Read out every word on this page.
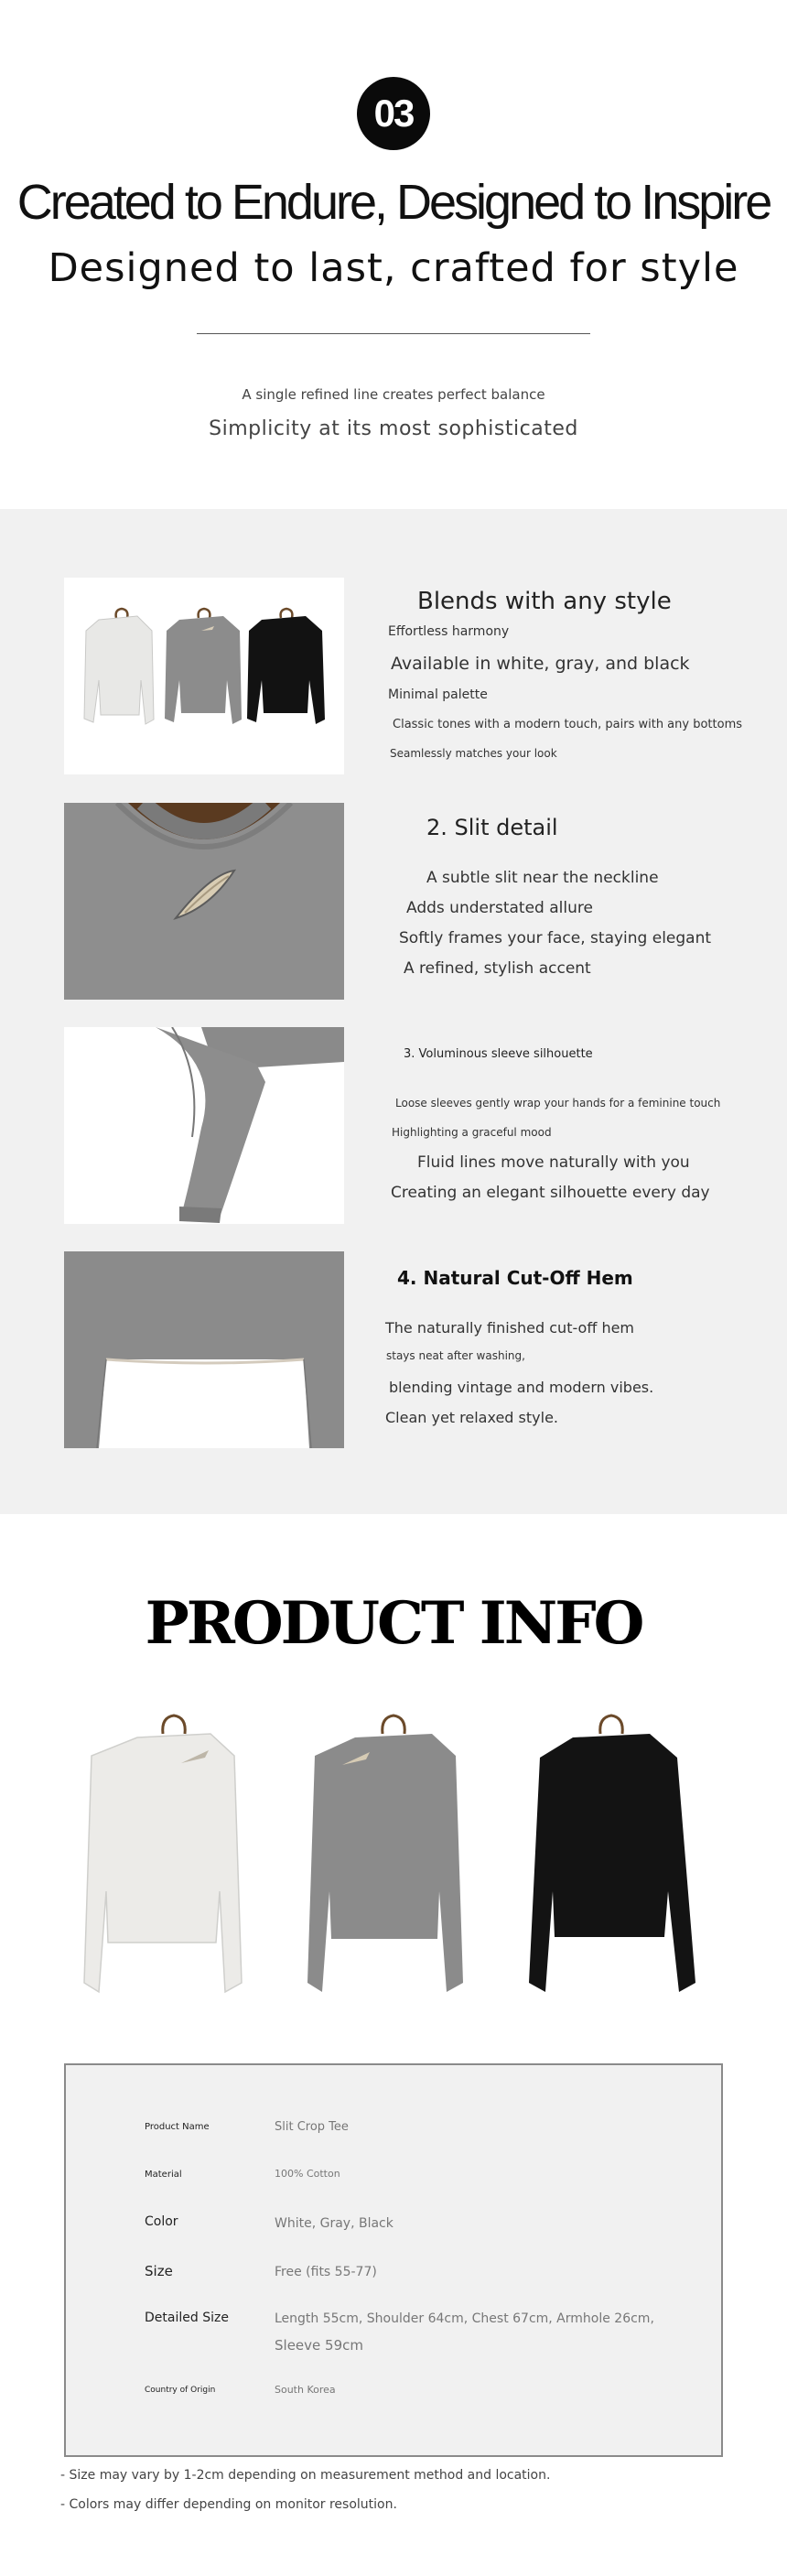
03
Created to Endure, Designed to Inspire
Designed to last, crafted for style
A single refined line creates perfect balance
Simplicity at its most sophisticated
Blends with any style
Effortless harmony
Available in white, gray, and black
Minimal palette
Classic tones with a modern touch, pairs with any bottoms
Seamlessly matches your look
2. Slit detail
A subtle slit near the neckline
Adds understated allure
Softly frames your face, staying elegant
A refined, stylish accent
3. Voluminous sleeve silhouette
Loose sleeves gently wrap your hands for a feminine touch
Highlighting a graceful mood
Fluid lines move naturally with you
Creating an elegant silhouette every day
4. Natural Cut-Off Hem
The naturally finished cut-off hem
stays neat after washing,
blending vintage and modern vibes.
Clean yet relaxed style.
PRODUCT INFO
Product Name	Slit Crop Tee
Material	100% Cotton
Color	White, Gray, Black
Size	Free (fits 55-77)
Detailed Size	Length 55cm, Shoulder 64cm, Chest 67cm, Armhole 26cm,
Sleeve 59cm
Country of Origin	South Korea
- Size may vary by 1-2cm depending on measurement method and location.
- Colors may differ depending on monitor resolution.
